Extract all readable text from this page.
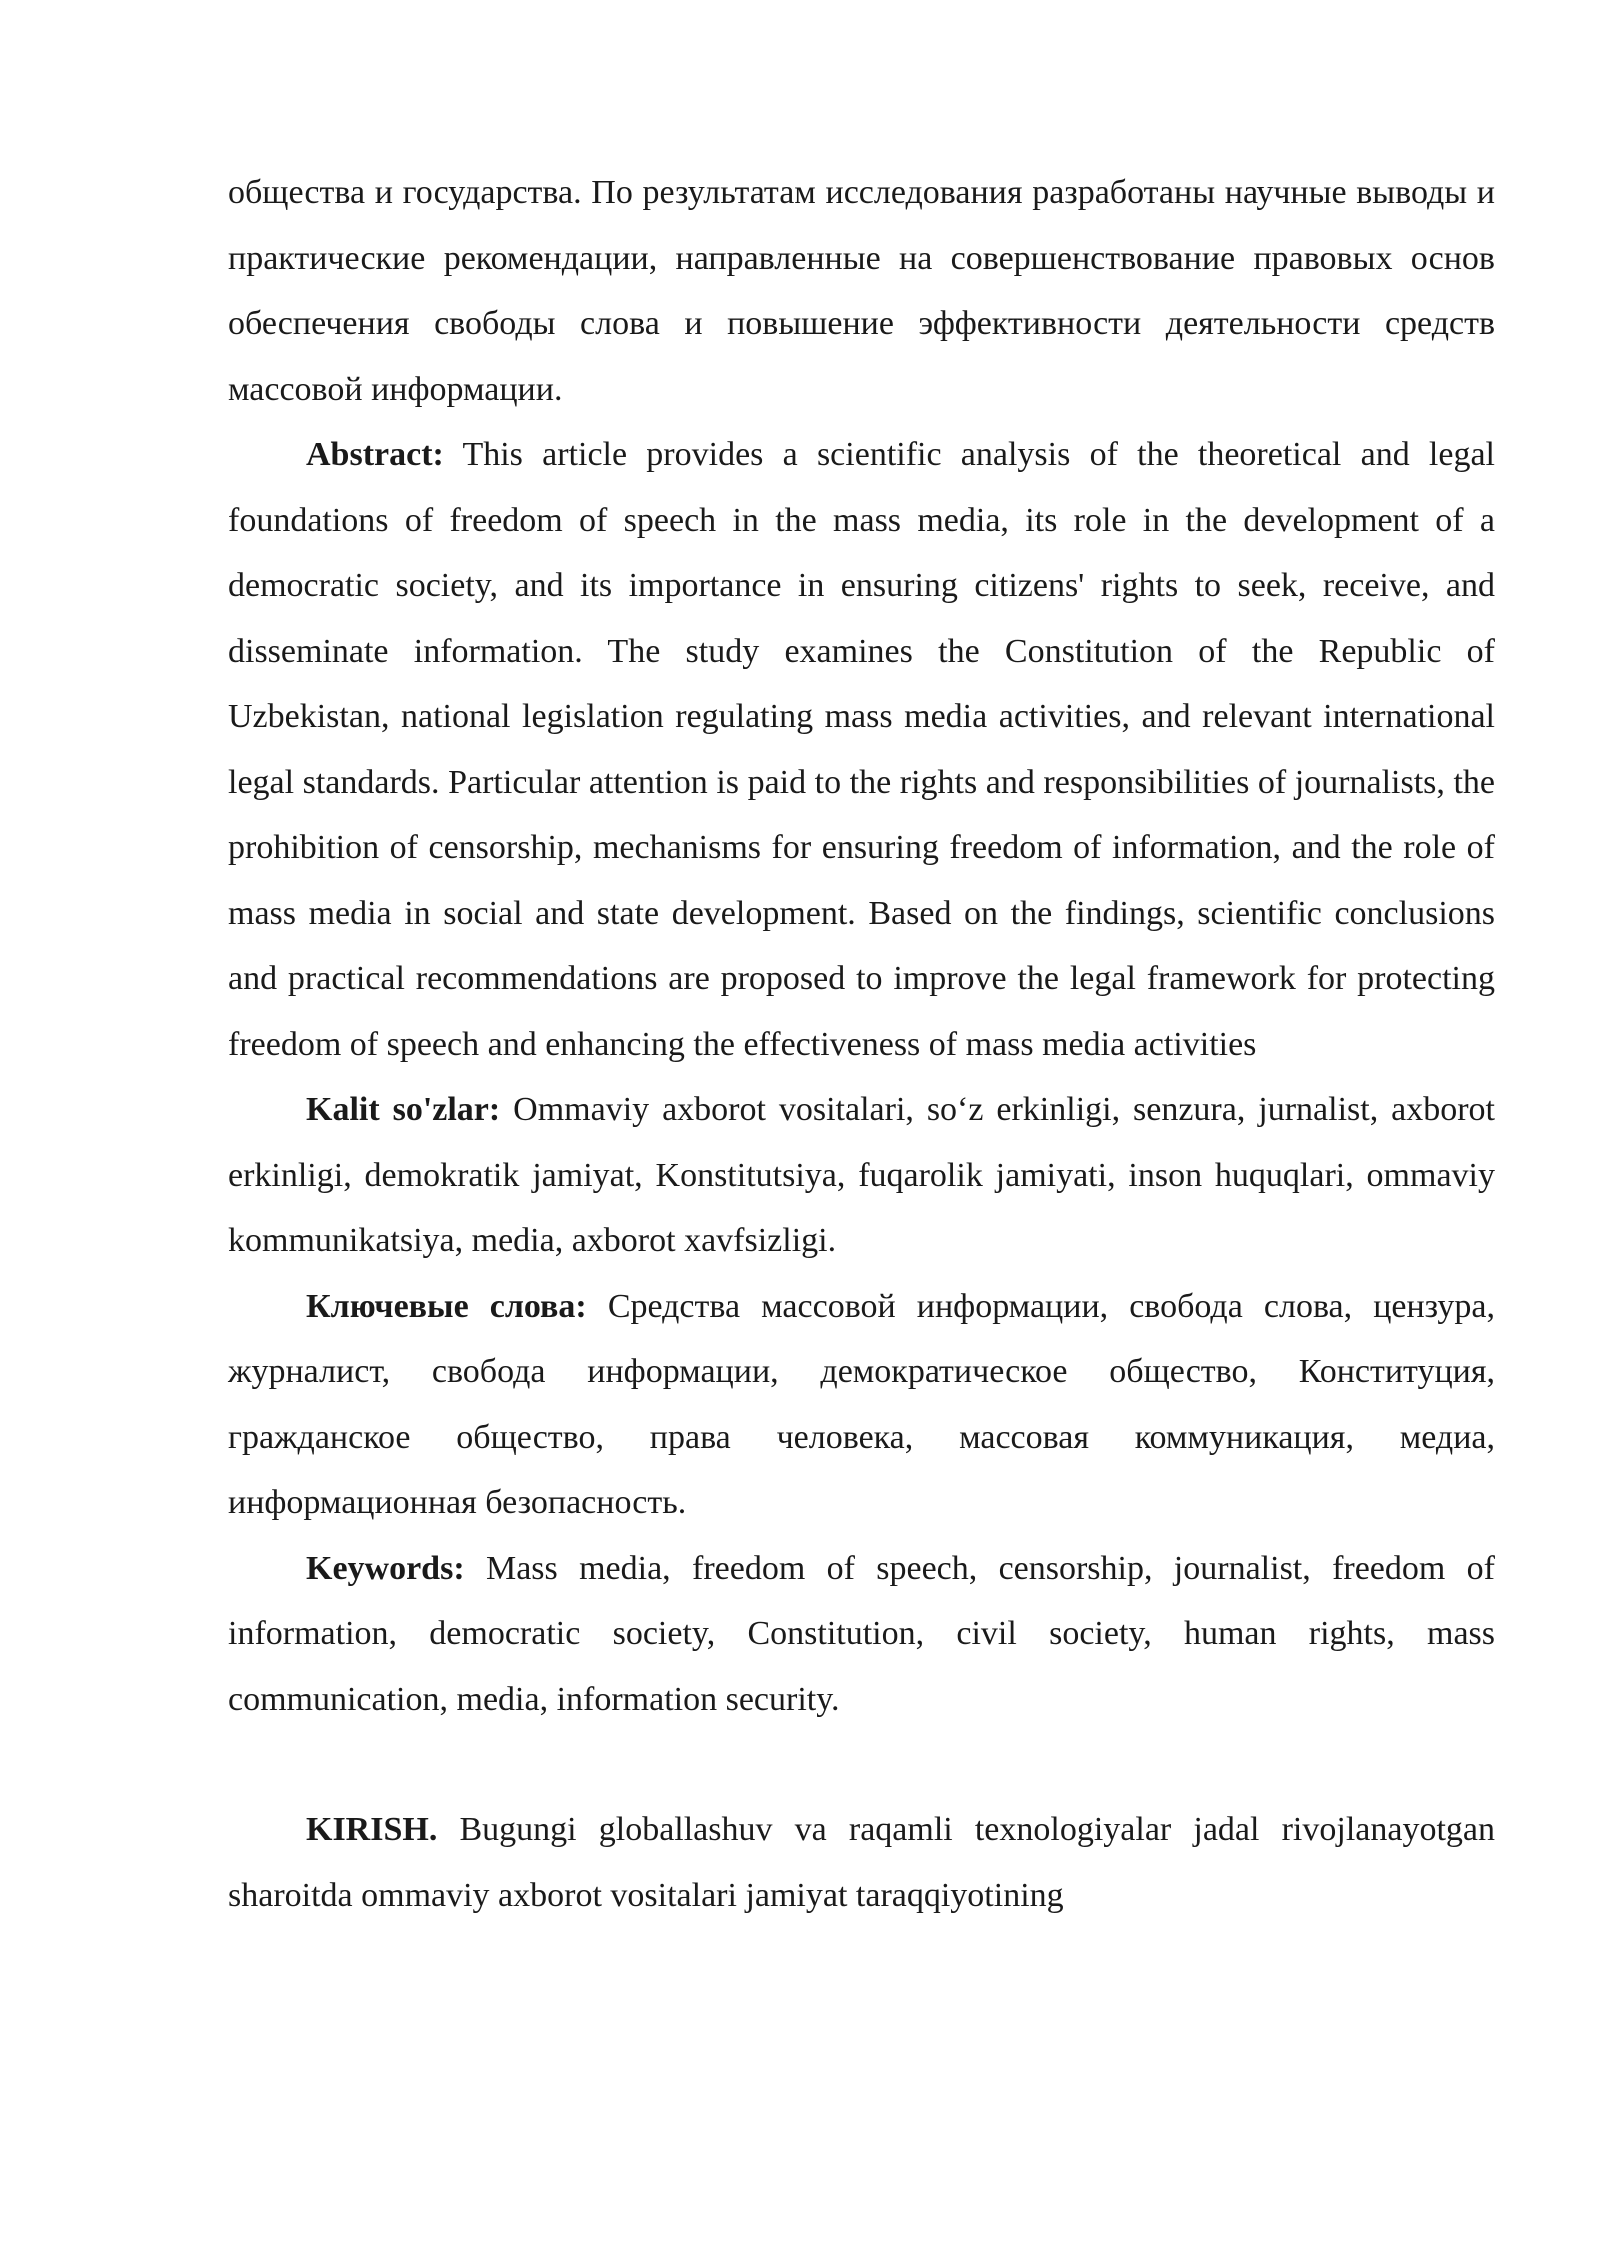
общества и государства. По результатам исследования разработаны научные выводы и практические рекомендации, направленные на совершенствование правовых основ обеспечения свободы слова и повышение эффективности деятельности средств массовой информации.

Abstract: This article provides a scientific analysis of the theoretical and legal foundations of freedom of speech in the mass media, its role in the development of a democratic society, and its importance in ensuring citizens' rights to seek, receive, and disseminate information. The study examines the Constitution of the Republic of Uzbekistan, national legislation regulating mass media activities, and relevant international legal standards. Particular attention is paid to the rights and responsibilities of journalists, the prohibition of censorship, mechanisms for ensuring freedom of information, and the role of mass media in social and state development. Based on the findings, scientific conclusions and practical recommendations are proposed to improve the legal framework for protecting freedom of speech and enhancing the effectiveness of mass media activities

Kalit so'zlar: Ommaviy axborot vositalari, so‘z erkinligi, senzura, jurnalist, axborot erkinligi, demokratik jamiyat, Konstitutsiya, fuqarolik jamiyati, inson huquqlari, ommaviy kommunikatsiya, media, axborot xavfsizligi.

Ключевые слова: Средства массовой информации, свобода слова, цензура, журналист, свобода информации, демократическое общество, Конституция, гражданское общество, права человека, массовая коммуникация, медиа, информационная безопасность.

Keywords: Mass media, freedom of speech, censorship, journalist, freedom of information, democratic society, Constitution, civil society, human rights, mass communication, media, information security.

KIRISH. Bugungi globallashuv va raqamli texnologiyalar jadal rivojlanayotgan sharoitda ommaviy axborot vositalari jamiyat taraqqiyotining
